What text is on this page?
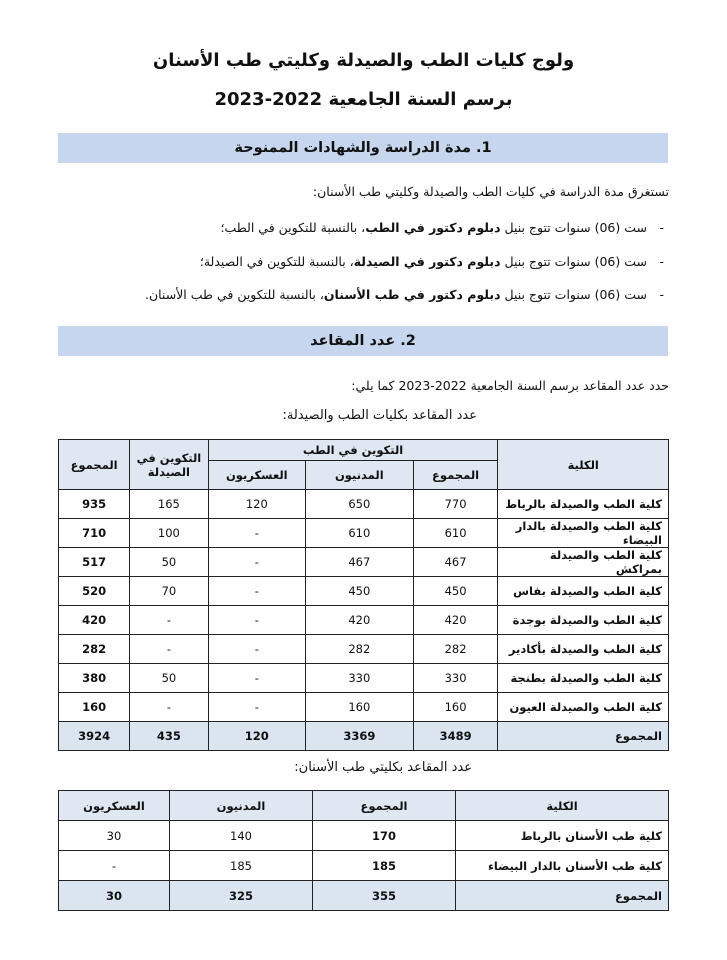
ولوج كليات الطب والصيدلة وكليتي طب الأسنان
برسم السنة الجامعية 2022-2023
1. مدة الدراسة والشهادات الممنوحة
تستغرق مدة الدراسة في كليات الطب والصيدلة وكليتي طب الأسنان:
-
ست (06) سنوات تتوج بنيل دبلوم دكتور في الطب، بالنسبة للتكوين في الطب؛
-
ست (06) سنوات تتوج بنيل دبلوم دكتور في الصيدلة، بالنسبة للتكوين في الصيدلة؛
-
ست (06) سنوات تتوج بنيل دبلوم دكتور في طب الأسنان، بالنسبة للتكوين في طب الأسنان.
2. عدد المقاعد
حدد عدد المقاعد برسم السنة الجامعية 2022-2023 كما يلي:
عدد المقاعد بكليات الطب والصيدلة:
الكلية	التكوين في الطب			التكوين في الصيدلة	المجموع
	المجموع	المدنيون	العسكريون		
كلية الطب والصيدلة بالرباط	770	650	120	165	935
كلية الطب والصيدلة بالدار البيضاء	610	610	-	100	710
كلية الطب والصيدلة بمراكش	467	467	-	50	517
كلية الطب والصيدلة بفاس	450	450	-	70	520
كلية الطب والصيدلة بوجدة	420	420	-	-	420
كلية الطب والصيدلة بأكادير	282	282	-	-	282
كلية الطب والصيدلة بطنجة	330	330	-	50	380
كلية الطب والصيدلة العيون	160	160	-	-	160
المجموع	3489	3369	120	435	3924
عدد المقاعد بكليتي طب الأسنان:
الكلية	المجموع	المدنيون	العسكريون
كلية طب الأسنان بالرباط	170	140	30
كلية طب الأسنان بالدار البيضاء	185	185	-
المجموع	355	325	30
